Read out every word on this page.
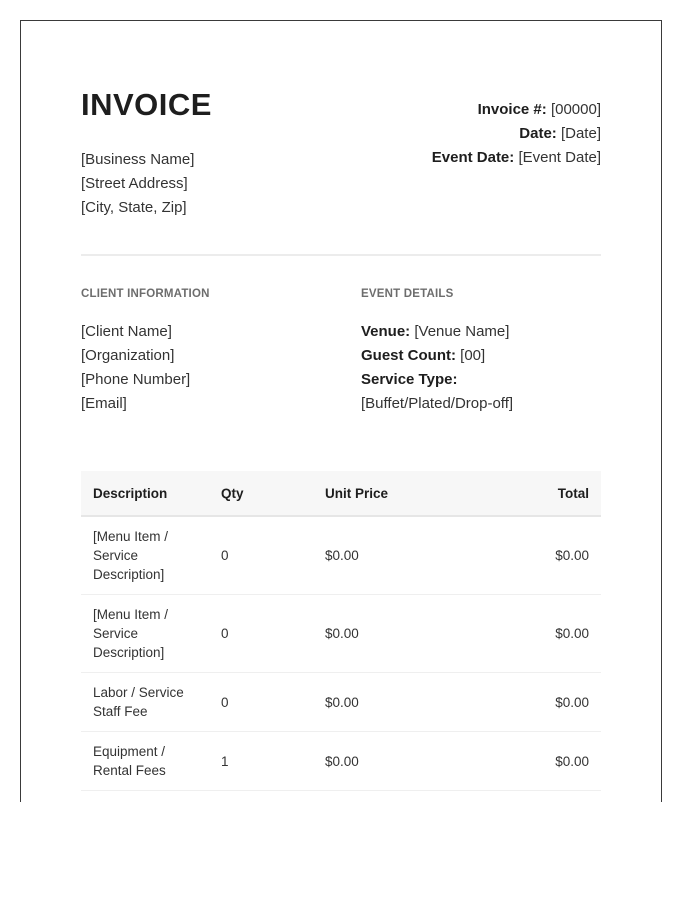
INVOICE
[Business Name]
[Street Address]
[City, State, Zip]
Invoice #: [00000]
Date: [Date]
Event Date: [Event Date]
CLIENT INFORMATION	EVENT DETAILS
[Client Name]
[Organization]
[Phone Number]
[Email]
Venue: [Venue Name]
Guest Count: [00]
Service Type:
[Buffet/Plated/Drop-off]
Description	Qty	Unit Price	Total

[Menu Item /
Service
Description]	0	$0.00	$0.00

[Menu Item /
Service
Description]	0	$0.00	$0.00

Labor / Service
Staff Fee	0	$0.00	$0.00

Equipment /
Rental Fees	1	$0.00	$0.00
